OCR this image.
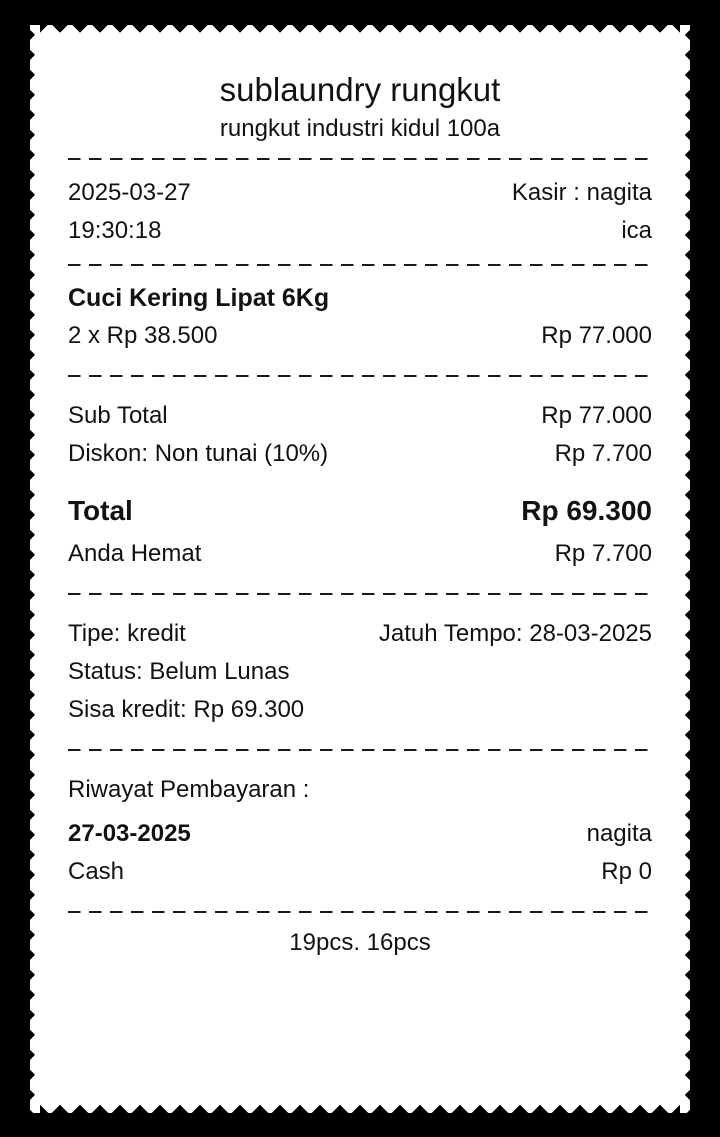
sublaundry rungkut
rungkut industri kidul 100a
2025-03-27	Kasir : nagita
19:30:18	ica
Cuci Kering Lipat 6Kg
2 x Rp 38.500	Rp 77.000
Sub Total	Rp 77.000
Diskon: Non tunai (10%)	Rp 7.700
Total	Rp 69.300
Anda Hemat	Rp 7.700
Tipe: kredit	Jatuh Tempo: 28-03-2025
Status: Belum Lunas
Sisa kredit: Rp 69.300
Riwayat Pembayaran :
27-03-2025	nagita
Cash	Rp 0
19pcs. 16pcs
